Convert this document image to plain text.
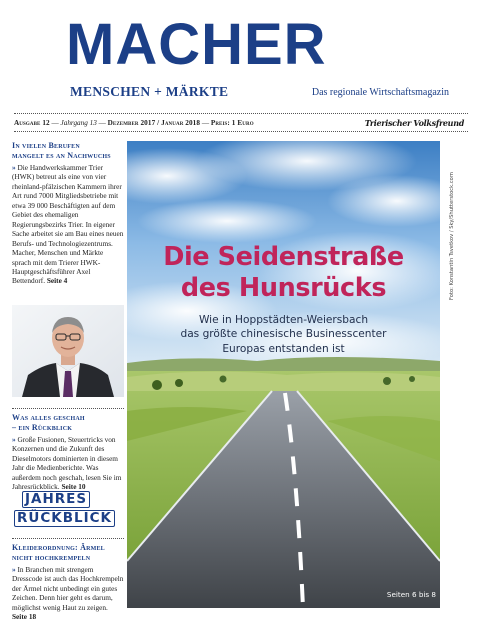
MACHER
MENSCHEN + MÄRKTE	Das regionale Wirtschaftsmagazin
Ausgabe 12 — Jahrgang 13 — Dezember 2017 / Januar 2018 — Preis: 1 Euro	Trierischer Volksfreund
In vielen Berufen
mangelt es an Nachwuchs
» Die Handwerkskammer Trier (HWK) betreut als eine von vier rheinland-pfälzischen Kammern ihrer Art rund 7000 Mitgliedsbetriebe mit etwa 39 000 Beschäftigten auf dem Gebiet des ehemaligen Regierungsbezirks Trier. In eigener Sache arbeitet sie am Bau eines neuen Berufs- und Technologiezentrums. Macher, Menschen und Märkte sprach mit dem Trierer HWK-Hauptgeschäftsführer Axel Bettendorf. Seite 4
Was alles geschah
– ein Rückblick
» Große Fusionen, Steuertricks von Konzernen und die Zukunft des Dieselmotors dominierten in diesem Jahr die Medienberichte. Was außerdem noch geschah, lesen Sie im Jahresrückblick. Seite 10
JAHRES
RÜCKBLICK
Kleiderordnung: Ärmel
nicht hochkrempeln
» In Branchen mit strengem Dresscode ist auch das Hochkrempeln der Ärmel nicht unbedingt ein gutes Zeichen. Denn hier geht es darum, möglichst wenig Haut zu zeigen. Seite 18
Die Seidenstraße
des Hunsrücks
Wie in Hoppstädten-Weiersbach
das größte chinesische Businesscenter
Europas entstanden ist
Seiten 6 bis 8
Foto: Konstantin Tsvetkov / Sky/Shutterstock.com
